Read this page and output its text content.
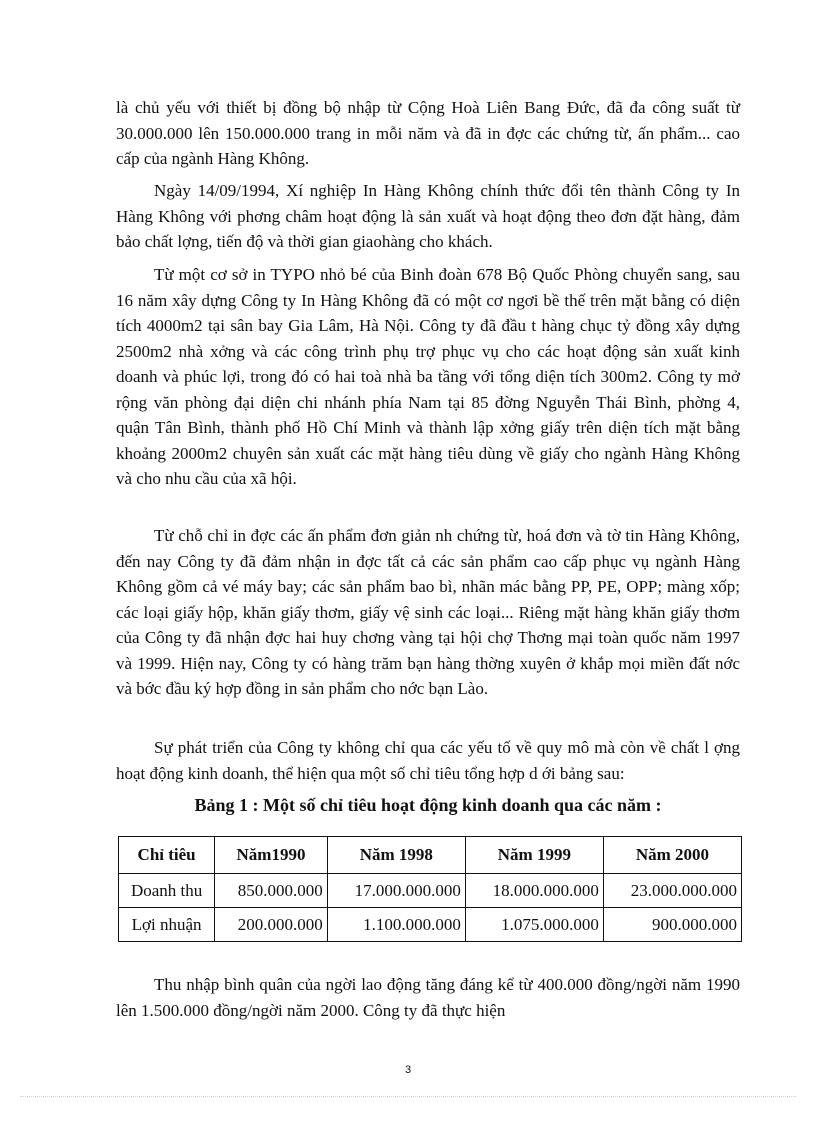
là chủ yếu với thiết bị đồng bộ nhập từ Cộng Hoà Liên Bang Đức, đã đa công suất từ 30.000.000 lên 150.000.000 trang in mỗi năm và đã in đợc các chứng từ, ấn phẩm... cao cấp của ngành Hàng Không.

Ngày 14/09/1994, Xí nghiệp In Hàng Không chính thức đổi tên thành Công ty In Hàng Không với phơng châm hoạt động là sản xuất và hoạt động theo đơn đặt hàng, đảm bảo chất lợng, tiến độ và thời gian giaohàng cho khách.

Từ một cơ sở in TYPO nhỏ bé của Binh đoàn 678 Bộ Quốc Phòng chuyển sang, sau 16 năm xây dựng Công ty In Hàng Không đã có một cơ ngơi bề thế trên mặt bằng có diện tích 4000m2 tại sân bay Gia Lâm, Hà Nội. Công ty đã đầu t hàng chục tỷ đồng xây dựng 2500m2 nhà xởng và các công trình phụ trợ phục vụ cho các hoạt động sản xuất kinh doanh và phúc lợi, trong đó có hai toà nhà ba tầng với tổng diện tích 300m2. Công ty mở rộng văn phòng đại diện chi nhánh phía Nam tại 85 đờng Nguyễn Thái Bình, phờng 4, quận Tân Bình, thành phố Hồ Chí Minh và thành lập xởng giấy trên diện tích mặt bằng khoảng 2000m2 chuyên sản xuất các mặt hàng tiêu dùng về giấy cho ngành Hàng Không và cho nhu cầu của xã hội.

Từ chỗ chỉ in đợc các ấn phẩm đơn giản nh chứng từ, hoá đơn và tờ tin Hàng Không, đến nay Công ty đã đảm nhận in đợc tất cả các sản phẩm cao cấp phục vụ ngành Hàng Không gồm cả vé máy bay; các sản phẩm bao bì, nhãn mác bằng PP, PE, OPP; màng xốp; các loại giấy hộp, khăn giấy thơm, giấy vệ sinh các loại... Riêng mặt hàng khăn giấy thơm của Công ty đã nhận đợc hai huy chơng vàng tại hội chợ Thơng mại toàn quốc năm 1997 và 1999. Hiện nay, Công ty có hàng trăm bạn hàng thờng xuyên ở khắp mọi miền đất nớc và bớc đầu ký hợp đồng in sản phẩm cho nớc bạn Lào.

Sự phát triển của Công ty không chỉ qua các yếu tố về quy mô mà còn về chất l ợng hoạt động kinh doanh, thể hiện qua một số chỉ tiêu tổng hợp d ới bảng sau:

Bảng 1 : Một số chỉ tiêu hoạt động kinh doanh qua các năm :
Chỉ tiêu	Năm1990	Năm 1998	Năm 1999	Năm 2000
Doanh thu	850.000.000	17.000.000.000	18.000.000.000	23.000.000.000
Lợi nhuận	200.000.000	1.100.000.000	1.075.000.000	900.000.000

Thu nhập bình quân của ngời lao động tăng đáng kể từ 400.000 đồng/ngời năm 1990 lên 1.500.000 đồng/ngời năm 2000. Công ty đã thực hiện

3
